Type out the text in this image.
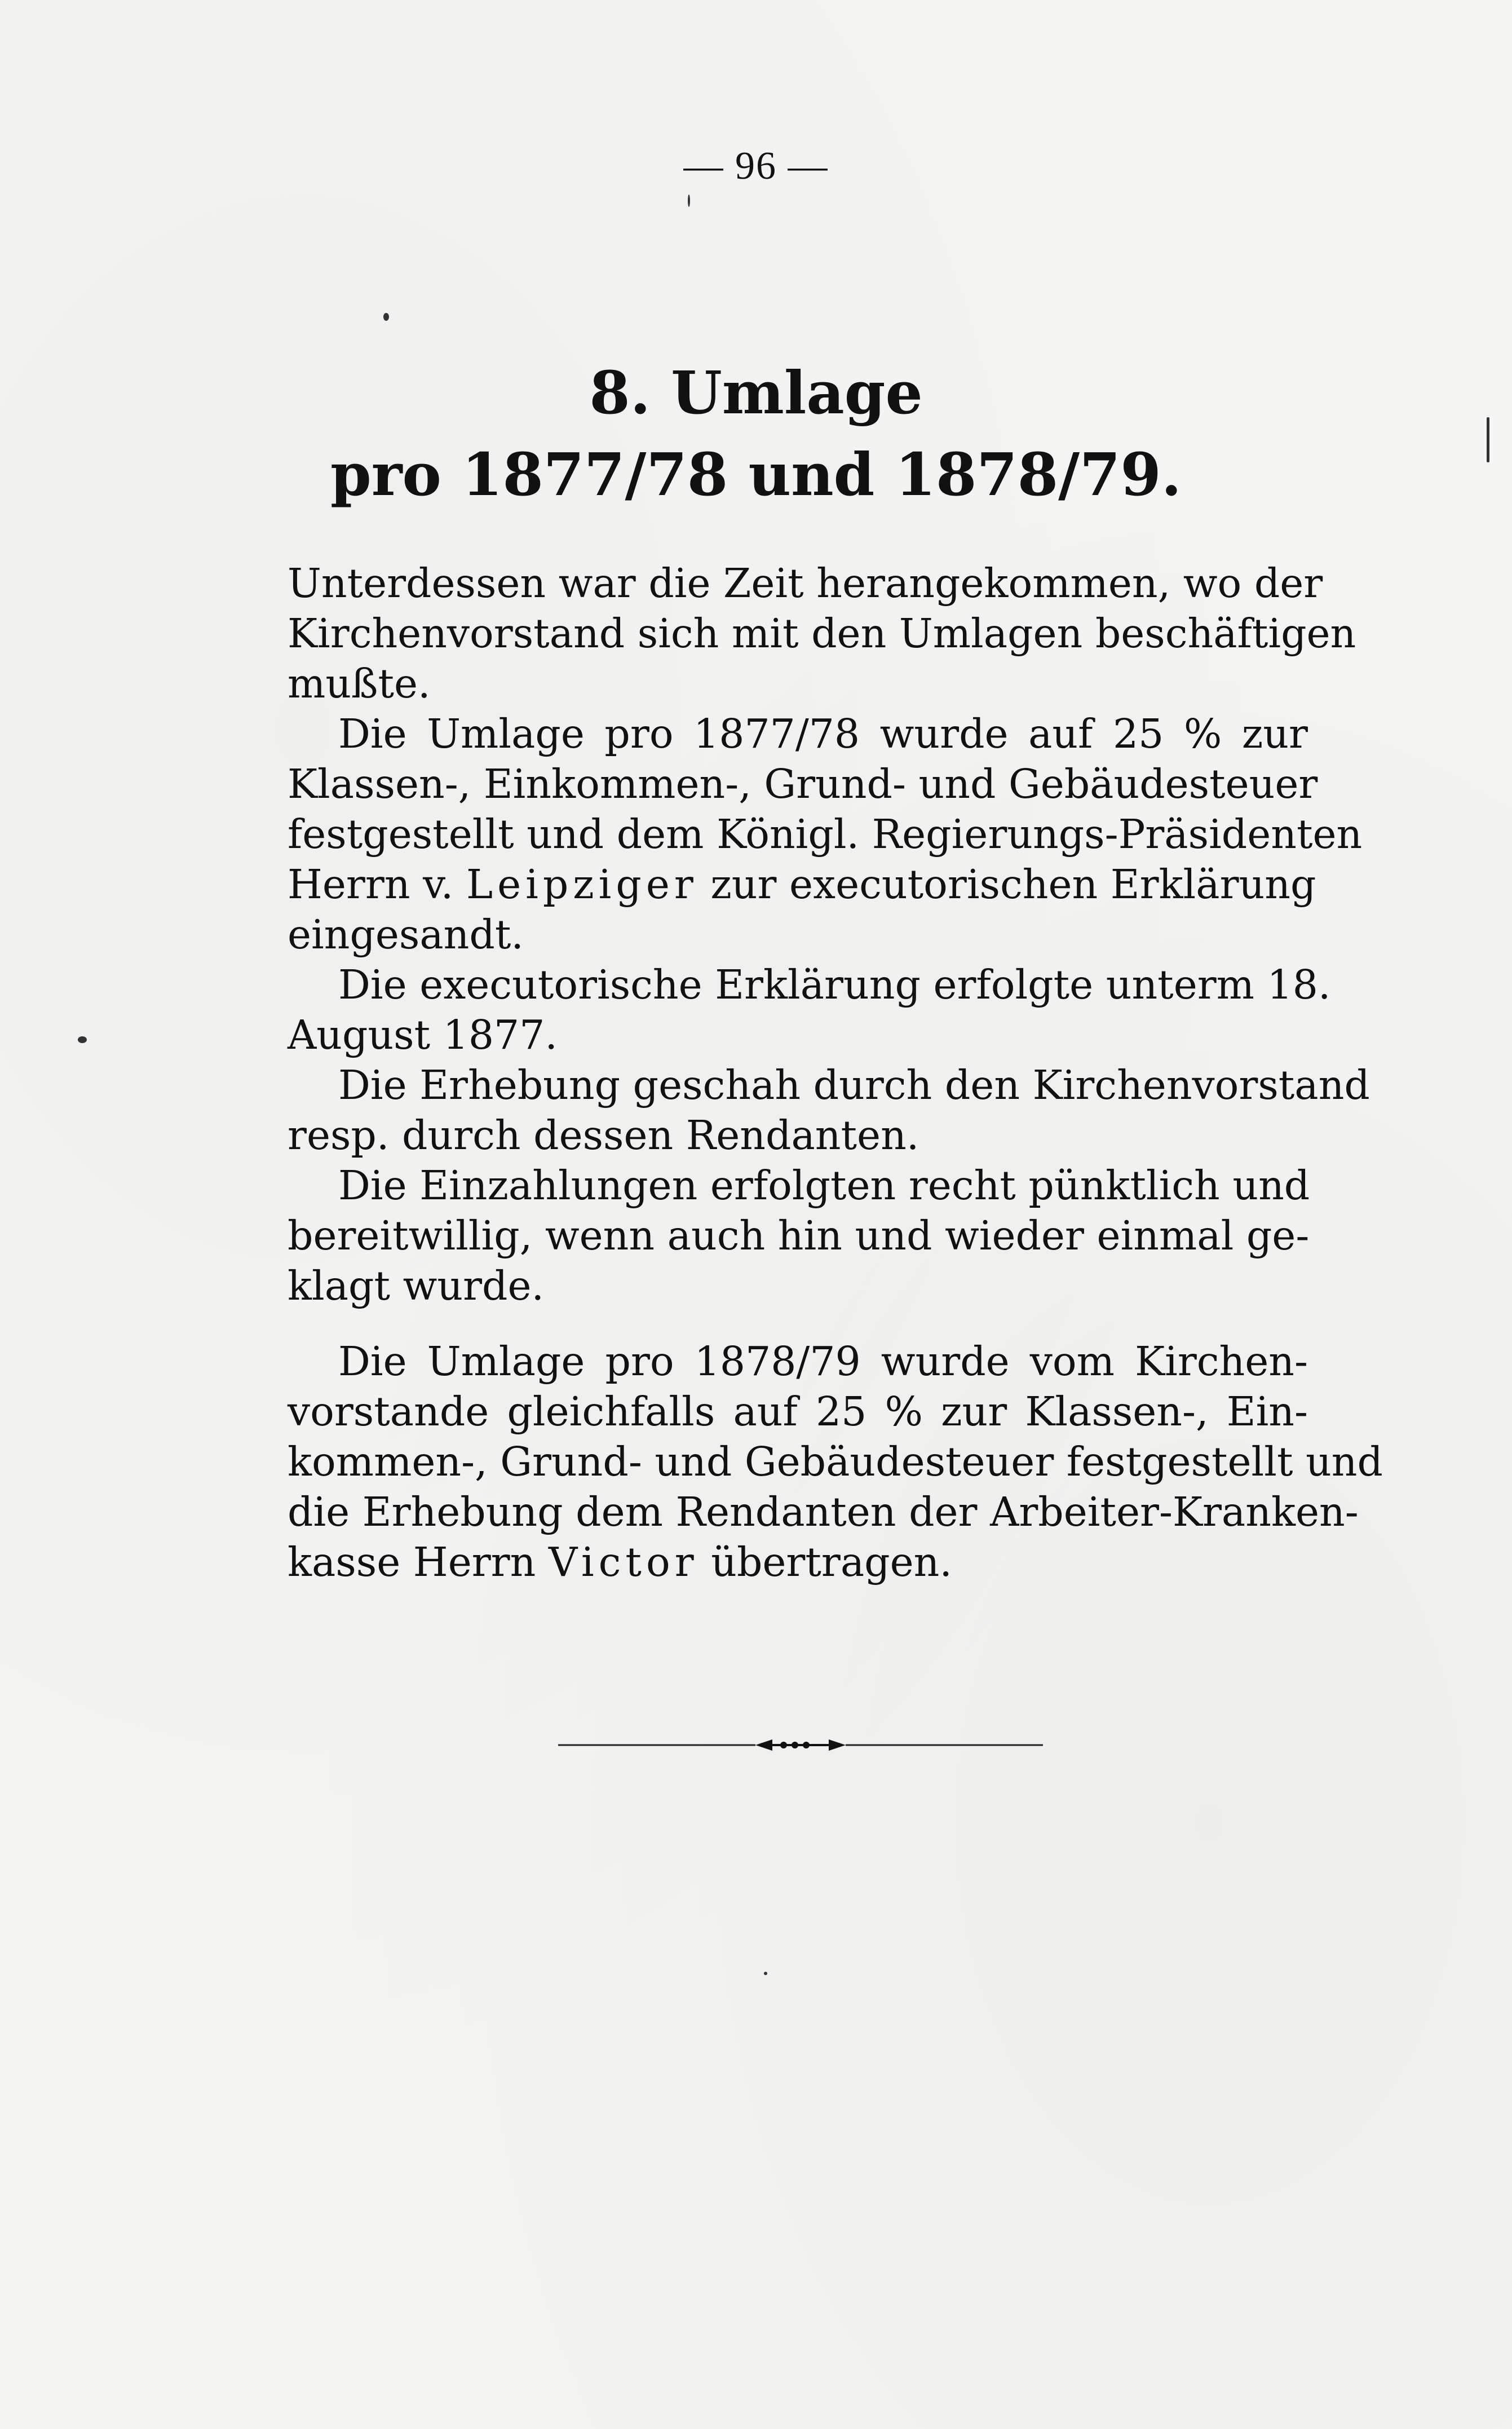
— 96 —
8. Umlage
pro 1877/78 und 1878/79.
Unterdessen war die Zeit herangekommen, wo der
Kirchenvorstand sich mit den Umlagen beschäftigen
mußte.
Die Umlage pro 1877/78 wurde auf 25 % zur
Klassen-, Einkommen-, Grund- und Gebäudesteuer
festgestellt und dem Königl. Regierungs-Präsidenten
Herrn v. Leipziger zur executorischen Erklärung
eingesandt.
Die executorische Erklärung erfolgte unterm 18.
August 1877.
Die Erhebung geschah durch den Kirchenvorstand
resp. durch dessen Rendanten.
Die Einzahlungen erfolgten recht pünktlich und
bereitwillig, wenn auch hin und wieder einmal ge-
klagt wurde.
Die Umlage pro 1878/79 wurde vom Kirchen-
vorstande gleichfalls auf 25 % zur Klassen-, Ein-
kommen-, Grund- und Gebäudesteuer festgestellt und
die Erhebung dem Rendanten der Arbeiter-Kranken-
kasse Herrn Victor übertragen.
